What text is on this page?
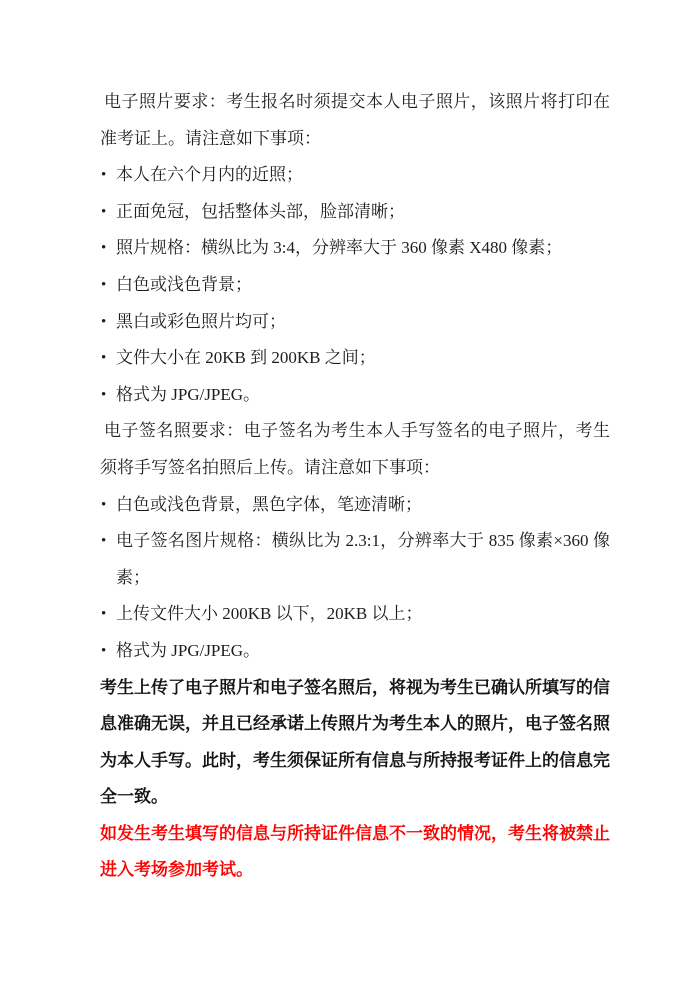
电子照片要求：考生报名时须提交本人电子照片，该照片将打印在准考证上。请注意如下事项：

• 本人在六个月内的近照；
• 正面免冠，包括整体头部，脸部清晰；
• 照片规格：横纵比为 3:4，分辨率大于 360 像素 X480 像素；
• 白色或浅色背景；
• 黑白或彩色照片均可；
• 文件大小在 20KB 到 200KB 之间；
• 格式为 JPG/JPEG。

电子签名照要求：电子签名为考生本人手写签名的电子照片，考生须将手写签名拍照后上传。请注意如下事项：

• 白色或浅色背景，黑色字体，笔迹清晰；
• 电子签名图片规格：横纵比为 2.3:1，分辨率大于 835 像素×360 像素；
• 上传文件大小 200KB 以下，20KB 以上；
• 格式为 JPG/JPEG。

考生上传了电子照片和电子签名照后，将视为考生已确认所填写的信息准确无误，并且已经承诺上传照片为考生本人的照片，电子签名照为本人手写。此时，考生须保证所有信息与所持报考证件上的信息完全一致。

如发生考生填写的信息与所持证件信息不一致的情况，考生将被禁止进入考场参加考试。
